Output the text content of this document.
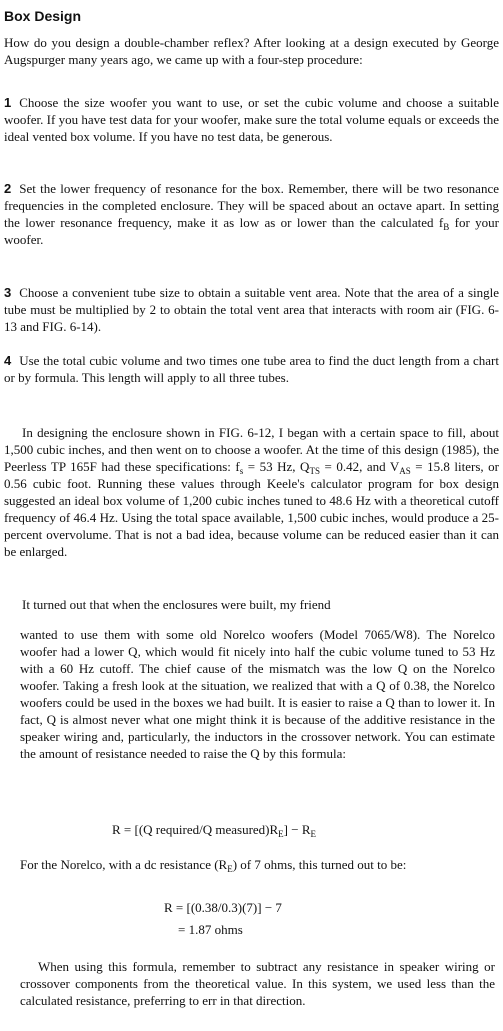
Box Design
How do you design a double-chamber reflex? After looking at a design executed by George Augspurger many years ago, we came up with a four-step procedure:
1 Choose the size woofer you want to use, or set the cubic volume and choose a suitable woofer. If you have test data for your woofer, make sure the total volume equals or exceeds the ideal vented box volume. If you have no test data, be generous.
2 Set the lower frequency of resonance for the box. Remember, there will be two resonance frequencies in the completed enclosure. They will be spaced about an octave apart. In setting the lower resonance frequency, make it as low as or lower than the calculated $f_B$ for your woofer.
3 Choose a convenient tube size to obtain a suitable vent area. Note that the area of a single tube must be multiplied by 2 to obtain the total vent area that interacts with room air (FIG. 6-13 and FIG. 6-14).
4 Use the total cubic volume and two times one tube area to find the duct length from a chart or by formula. This length will apply to all three tubes.
In designing the enclosure shown in FIG. 6-12, I began with a certain space to fill, about 1,500 cubic inches, and then went on to choose a woofer. At the time of this design (1985), the Peerless TP 165F had these specifications: $f_s = 53$ Hz, $Q_{TS} = 0.42$, and $V_{AS} = 15.8$ liters, or 0.56 cubic foot. Running these values through Keele's calculator program for box design suggested an ideal box volume of 1,200 cubic inches tuned to 48.6 Hz with a theoretical cutoff frequency of 46.4 Hz. Using the total space available, 1,500 cubic inches, would produce a 25-percent overvolume. That is not a bad idea, because volume can be reduced easier than it can be enlarged.
It turned out that when the enclosures were built, my friend
wanted to use them with some old Norelco woofers (Model 7065/W8). The Norelco woofer had a lower Q, which would fit nicely into half the cubic volume tuned to 53 Hz with a 60 Hz cutoff. The chief cause of the mismatch was the low Q on the Norelco woofer. Taking a fresh look at the situation, we realized that with a Q of 0.38, the Norelco woofers could be used in the boxes we had built. It is easier to raise a Q than to lower it. In fact, Q is almost never what one might think it is because of the additive resistance in the speaker wiring and, particularly, the inductors in the crossover network. You can estimate the amount of resistance needed to raise the Q by this formula:
R = [(Q required/Q $measured)R_E] - R_E$
For the Norelco, with a dc resistance $(R_E)$ of 7 ohms, this turned out to be:
R = [(0.38/0.3)(7)] − 7
= 1.87 ohms
When using this formula, remember to subtract any resistance in speaker wiring or crossover components from the theoretical value. In this system, we used less than the calculated resistance, preferring to err in that direction.
